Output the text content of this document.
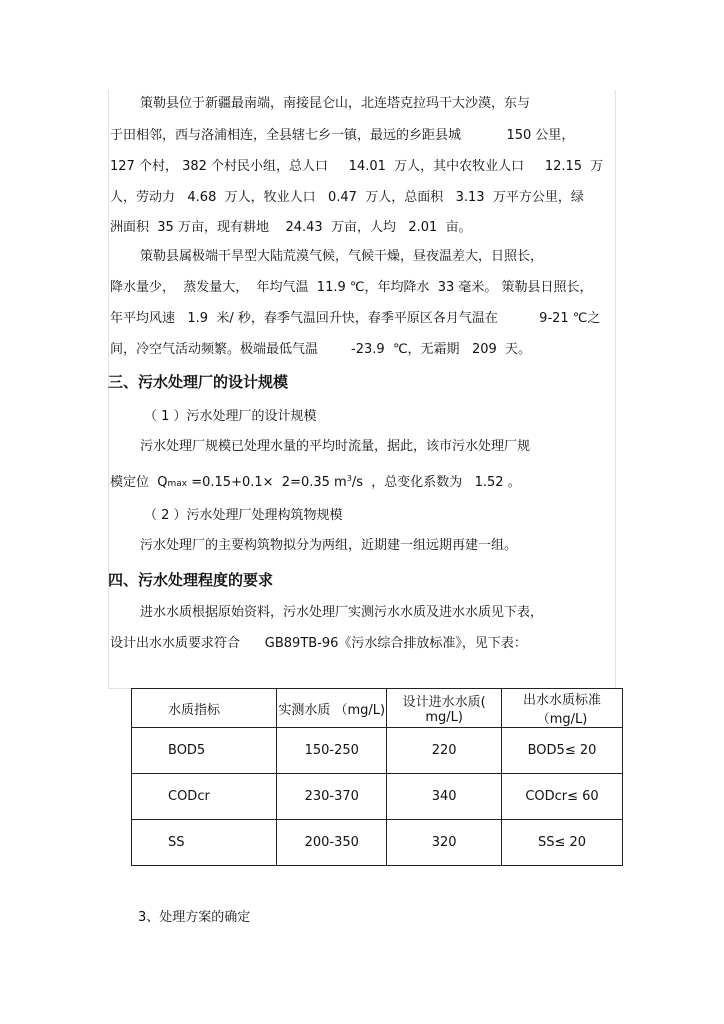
策勒县位于新疆最南端，南接昆仑山，北连塔克拉玛干大沙漠，东与
于田相邻，西与洛浦相连，全县辖七乡一镇，最远的乡距县城           150 公里，
127 个村， 382 个村民小组，总人口     14.01  万人，其中农牧业人口     12.15  万
人，劳动力   4.68  万人，牧业人口   0.47  万人，总面积   3.13  万平方公里，绿
洲面积  35 万亩，现有耕地    24.43  万亩，人均   2.01  亩。
策勒县属极端干旱型大陆荒漠气候，气候干燥，昼夜温差大，日照长，
降水量少，  蒸发量大，  年均气温  11.9 ℃，年均降水  33 毫米。 策勒县日照长，
年平均风速   1.9  米/ 秒，春季气温回升快，春季平原区各月气温在          9-21 ℃之
间，冷空气活动频繁。极端最低气温        -23.9  ℃，无霜期   209  天。
三、污水处理厂的设计规模
（ 1 ）污水处理厂的设计规模
污水处理厂规模已处理水量的平均时流量，据此，该市污水处理厂规
模定位  Qmax =0.15+0.1×  2=0.35 $m^3/s$  ，总变化系数为   1.52 。
（ 2 ）污水处理厂处理构筑物规模
污水处理厂的主要构筑物拟分为两组，近期建一组远期再建一组。
四、污水处理程度的要求
进水水质根据原始资料，污水处理厂实测污水水质及进水水质见下表，
设计出水水质要求符合      GB89TB-96《污水综合排放标准》，见下表：
水质指标	实测水质 （mg/L)	设计进水水质( mg/L)	出水水质标准（mg/L)
BOD5	150-250	220	BOD5≤ 20
CODcr	230-370	340	CODcr≤ 60
SS	200-350	320	SS≤ 20
3、处理方案的确定
